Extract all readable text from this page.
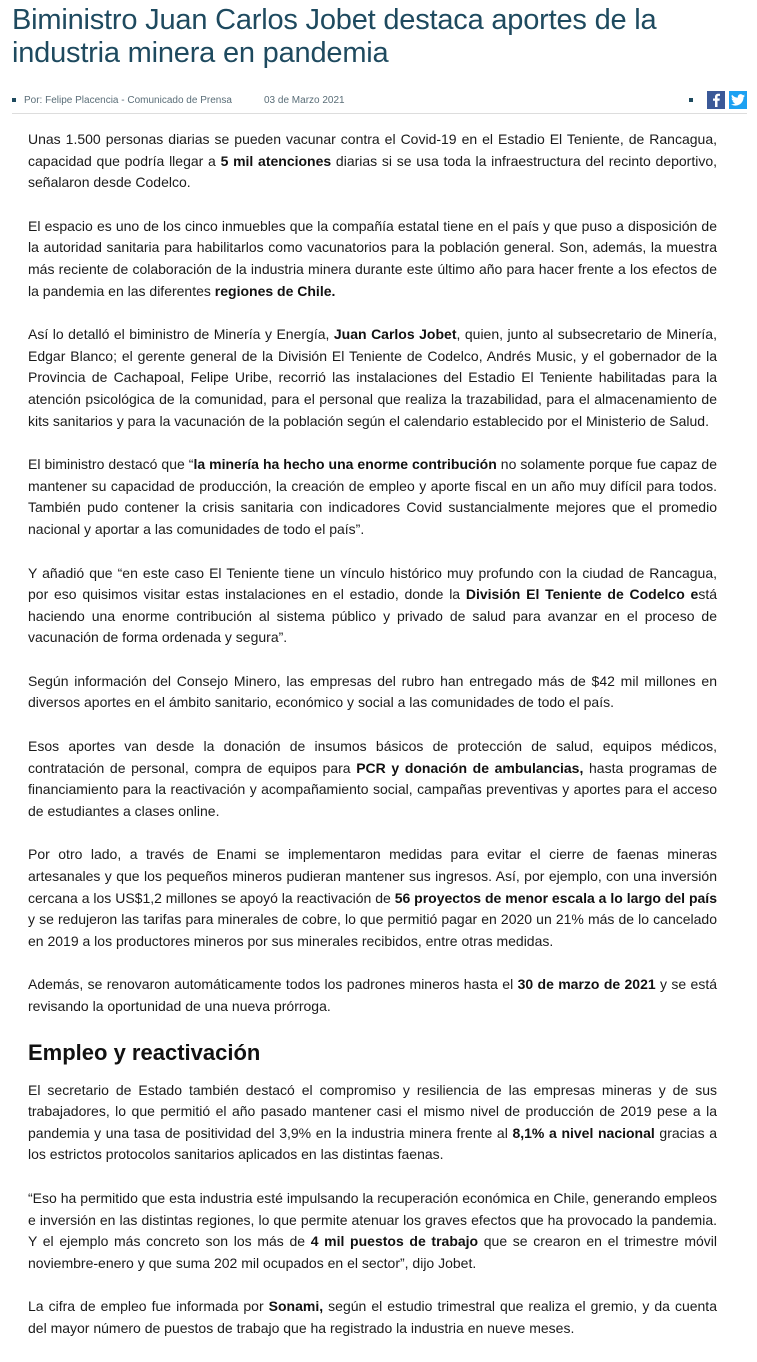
Biministro Juan Carlos Jobet destaca aportes de la industria minera en pandemia
Por: Felipe Placencia - Comunicado de Prensa	03 de Marzo 2021

Unas 1.500 personas diarias se pueden vacunar contra el Covid-19 en el Estadio El Teniente, de Rancagua, capacidad que podría llegar a 5 mil atenciones diarias si se usa toda la infraestructura del recinto deportivo, señalaron desde Codelco.

El espacio es uno de los cinco inmuebles que la compañía estatal tiene en el país y que puso a disposición de la autoridad sanitaria para habilitarlos como vacunatorios para la población general. Son, además, la muestra más reciente de colaboración de la industria minera durante este último año para hacer frente a los efectos de la pandemia en las diferentes regiones de Chile.

Así lo detalló el biministro de Minería y Energía, Juan Carlos Jobet, quien, junto al subsecretario de Minería, Edgar Blanco; el gerente general de la División El Teniente de Codelco, Andrés Music, y el gobernador de la Provincia de Cachapoal, Felipe Uribe, recorrió las instalaciones del Estadio El Teniente habilitadas para la atención psicológica de la comunidad, para el personal que realiza la trazabilidad, para el almacenamiento de kits sanitarios y para la vacunación de la población según el calendario establecido por el Ministerio de Salud.

El biministro destacó que “la minería ha hecho una enorme contribución no solamente porque fue capaz de mantener su capacidad de producción, la creación de empleo y aporte fiscal en un año muy difícil para todos. También pudo contener la crisis sanitaria con indicadores Covid sustancialmente mejores que el promedio nacional y aportar a las comunidades de todo el país”.

Y añadió que “en este caso El Teniente tiene un vínculo histórico muy profundo con la ciudad de Rancagua, por eso quisimos visitar estas instalaciones en el estadio, donde la División El Teniente de Codelco está haciendo una enorme contribución al sistema público y privado de salud para avanzar en el proceso de vacunación de forma ordenada y segura”.

Según información del Consejo Minero, las empresas del rubro han entregado más de $42 mil millones en diversos aportes en el ámbito sanitario, económico y social a las comunidades de todo el país.

Esos aportes van desde la donación de insumos básicos de protección de salud, equipos médicos, contratación de personal, compra de equipos para PCR y donación de ambulancias, hasta programas de financiamiento para la reactivación y acompañamiento social, campañas preventivas y aportes para el acceso de estudiantes a clases online.

Por otro lado, a través de Enami se implementaron medidas para evitar el cierre de faenas mineras artesanales y que los pequeños mineros pudieran mantener sus ingresos. Así, por ejemplo, con una inversión cercana a los US$1,2 millones se apoyó la reactivación de 56 proyectos de menor escala a lo largo del país y se redujeron las tarifas para minerales de cobre, lo que permitió pagar en 2020 un 21% más de lo cancelado en 2019 a los productores mineros por sus minerales recibidos, entre otras medidas.

Además, se renovaron automáticamente todos los padrones mineros hasta el 30 de marzo de 2021 y se está revisando la oportunidad de una nueva prórroga.

Empleo y reactivación

El secretario de Estado también destacó el compromiso y resiliencia de las empresas mineras y de sus trabajadores, lo que permitió el año pasado mantener casi el mismo nivel de producción de 2019 pese a la pandemia y una tasa de positividad del 3,9% en la industria minera frente al 8,1% a nivel nacional gracias a los estrictos protocolos sanitarios aplicados en las distintas faenas.

“Eso ha permitido que esta industria esté impulsando la recuperación económica en Chile, generando empleos e inversión en las distintas regiones, lo que permite atenuar los graves efectos que ha provocado la pandemia. Y el ejemplo más concreto son los más de 4 mil puestos de trabajo que se crearon en el trimestre móvil noviembre-enero y que suma 202 mil ocupados en el sector”, dijo Jobet.

La cifra de empleo fue informada por Sonami, según el estudio trimestral que realiza el gremio, y da cuenta del mayor número de puestos de trabajo que ha registrado la industria en nueve meses.
